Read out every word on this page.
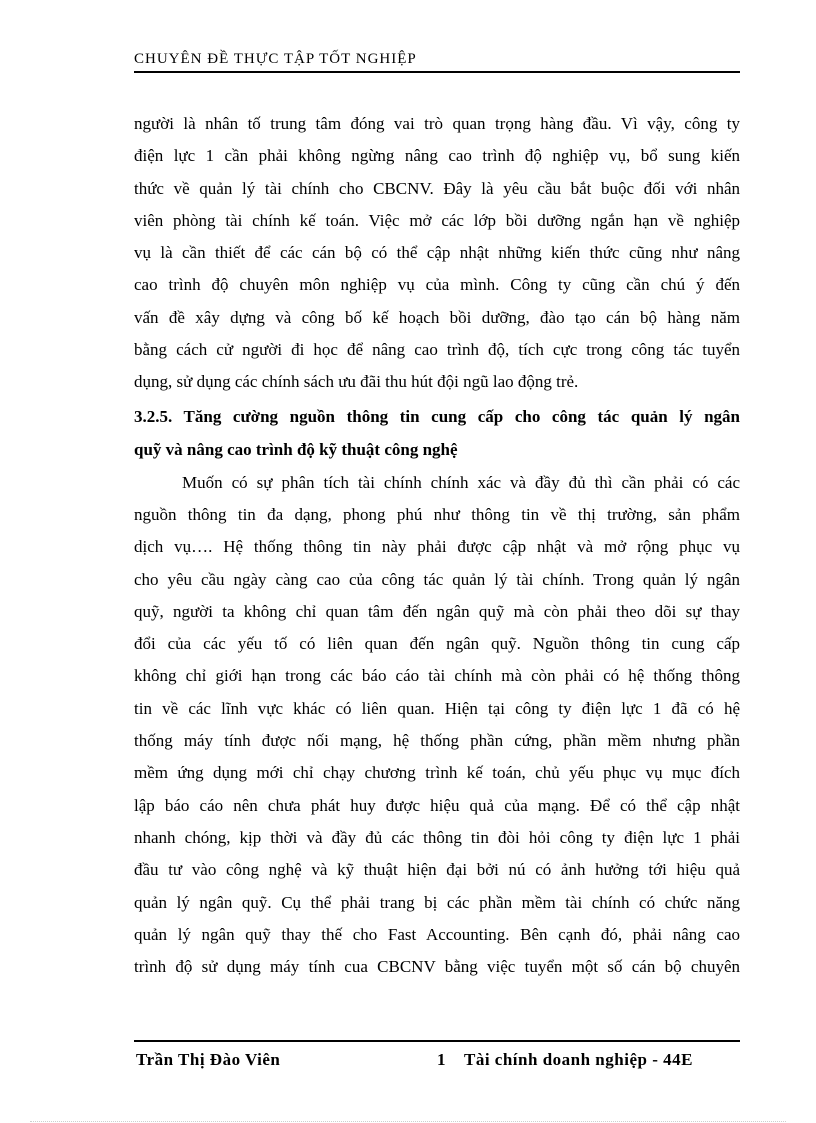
CHUYÊN ĐỀ THỰC TẬP TỐT NGHIỆP
người là nhân tố trung tâm đóng vai trò quan trọng hàng đầu. Vì vậy, công ty
điện lực 1 cần phải không ngừng nâng cao trình độ nghiệp vụ, bổ sung kiến
thức về quản lý tài chính cho CBCNV. Đây là yêu cầu bắt buộc đối với nhân
viên phòng tài chính kế toán. Việc mở các lớp bồi dưỡng ngắn hạn về nghiệp
vụ là cần thiết để các cán bộ có thể cập nhật những kiến thức cũng như nâng
cao trình độ chuyên môn nghiệp vụ của mình. Công ty cũng cần chú ý đến
vấn đề xây dựng và công bố kế hoạch bồi dưỡng, đào tạo cán bộ hàng năm
bằng cách cử người đi học để nâng cao trình độ, tích cực trong công tác tuyển
dụng, sử dụng các chính sách ưu đãi thu hút đội ngũ lao động trẻ.
3.2.5. Tăng cường nguồn thông tin cung cấp cho công tác quản lý ngân
quỹ và nâng cao trình độ kỹ thuật công nghệ
Muốn có sự phân tích tài chính chính xác và đầy đủ thì cần phải có các
nguồn thông tin đa dạng, phong phú như thông tin về thị trường, sản phẩm
dịch vụ…. Hệ thống thông tin này phải được cập nhật và mở rộng phục vụ
cho yêu cầu ngày càng cao của công tác quản lý tài chính. Trong quản lý ngân
quỹ, người ta không chỉ quan tâm đến ngân quỹ mà còn phải theo dõi sự thay
đổi của các yếu tố có liên quan đến ngân quỹ. Nguồn thông tin cung cấp
không chỉ giới hạn trong các báo cáo tài chính mà còn phải có hệ thống thông
tin về các lĩnh vực khác có liên quan. Hiện tại công ty điện lực 1 đã có hệ
thống máy tính được nối mạng, hệ thống phần cứng, phần mềm nhưng phần
mềm ứng dụng mới chỉ chạy chương trình kế toán, chủ yếu phục vụ mục đích
lập báo cáo nên chưa phát huy được hiệu quả của mạng. Để có thể cập nhật
nhanh chóng, kịp thời và đầy đủ các thông tin đòi hỏi công ty điện lực 1 phải
đầu tư vào công nghệ và kỹ thuật hiện đại bởi nú có ảnh hưởng tới hiệu quả
quản lý ngân quỹ. Cụ thể phải trang bị các phần mềm tài chính có chức năng
quản lý ngân quỹ thay thế cho Fast Accounting. Bên cạnh đó, phải nâng cao
trình độ sử dụng máy tính cua CBCNV bằng việc tuyển một số cán bộ chuyên
Trần Thị Đào Viên	1 Tài chính doanh nghiệp - 44E
